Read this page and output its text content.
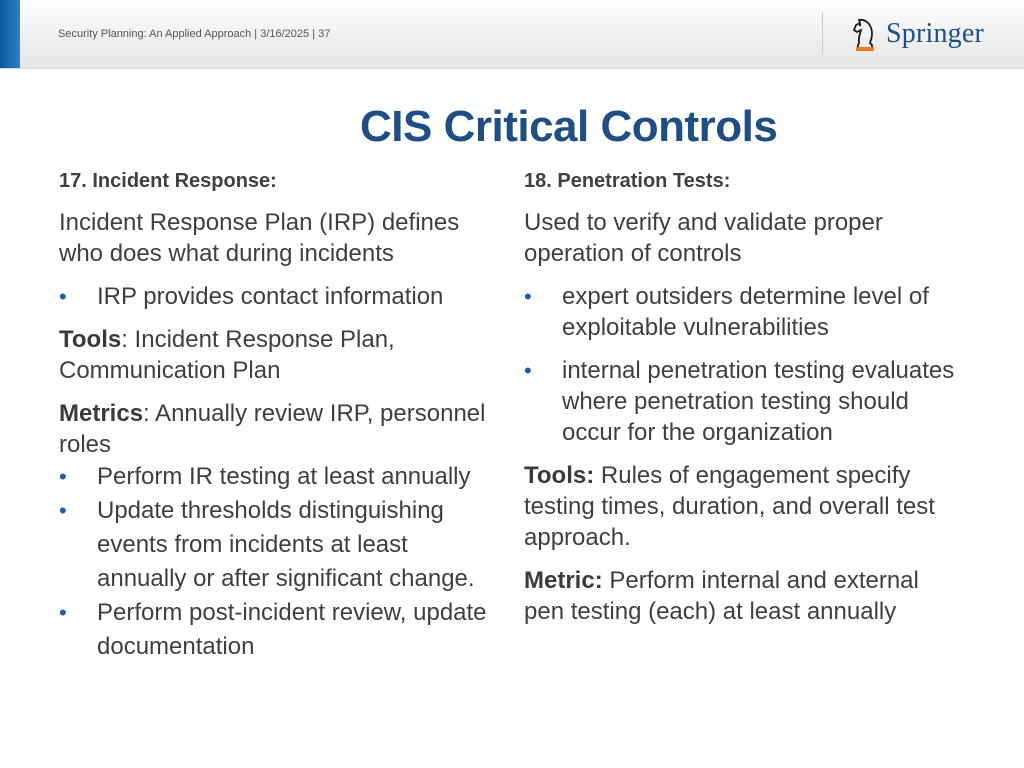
Security Planning: An Applied Approach | 3/16/2025 | 37	Springer
CIS Critical Controls

17. Incident Response:

Incident Response Plan (IRP) defines who does what during incidents

• IRP provides contact information

Tools: Incident Response Plan, Communication Plan

Metrics: Annually review IRP, personnel roles

• Perform IR testing at least annually
• Update thresholds distinguishing events from incidents at least annually or after significant change.
• Perform post-incident review, update documentation

18. Penetration Tests:

Used to verify and validate proper operation of controls

• expert outsiders determine level of exploitable vulnerabilities
• internal penetration testing evaluates where penetration testing should occur for the organization

Tools: Rules of engagement specify testing times, duration, and overall test approach.

Metric: Perform internal and external pen testing (each) at least annually
